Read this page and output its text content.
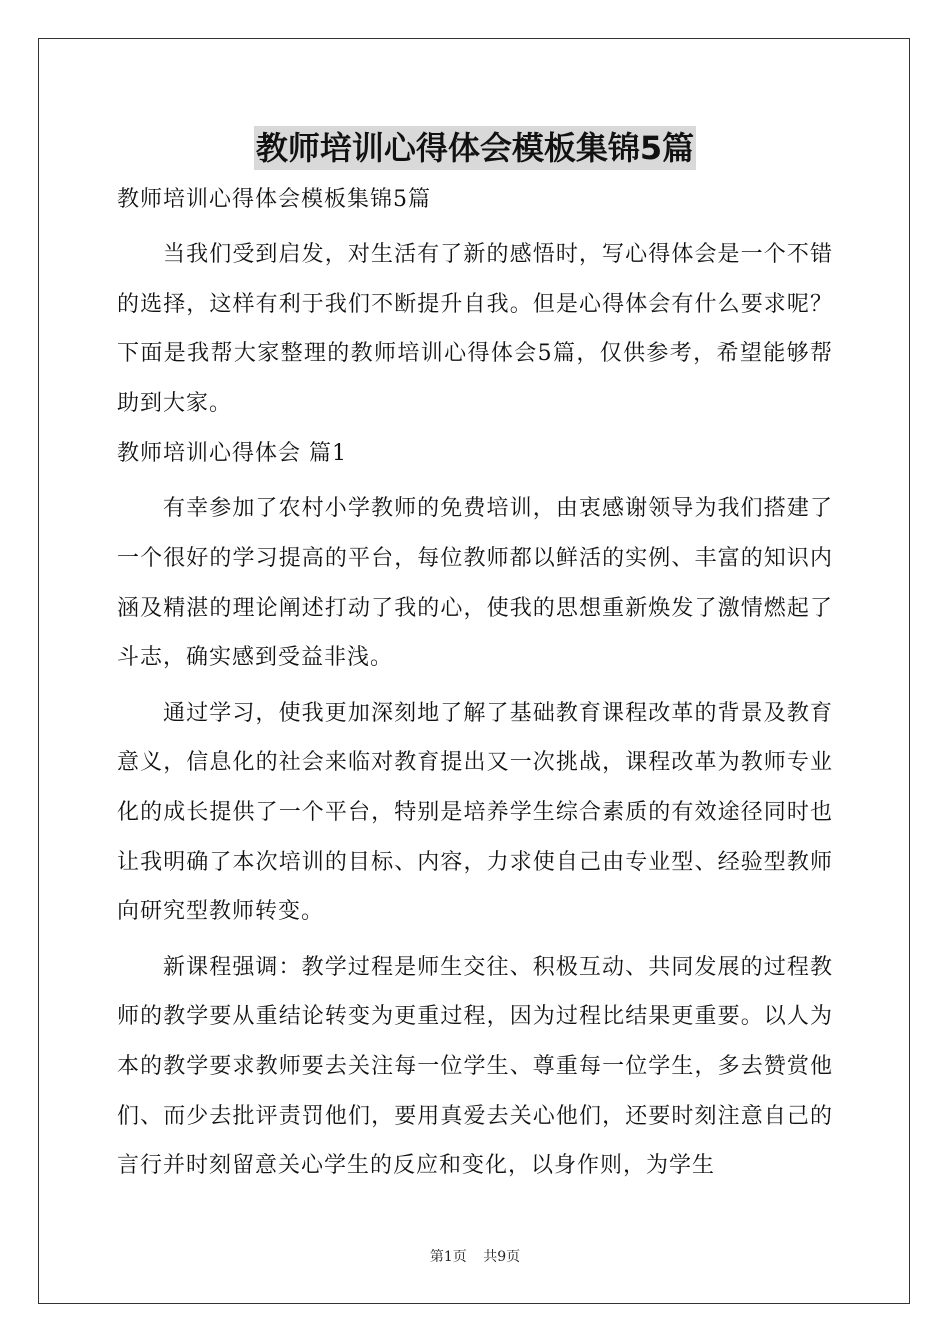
教师培训心得体会模板集锦5篇

教师培训心得体会模板集锦5篇

当我们受到启发，对生活有了新的感悟时，写心得体会是一个不错的选择，这样有利于我们不断提升自我。但是心得体会有什么要求呢？下面是我帮大家整理的教师培训心得体会5篇，仅供参考，希望能够帮助到大家。

教师培训心得体会 篇1

有幸参加了农村小学教师的免费培训，由衷感谢领导为我们搭建了一个很好的学习提高的平台，每位教师都以鲜活的实例、丰富的知识内涵及精湛的理论阐述打动了我的心，使我的思想重新焕发了激情燃起了斗志，确实感到受益非浅。

通过学习，使我更加深刻地了解了基础教育课程改革的背景及教育意义，信息化的社会来临对教育提出又一次挑战，课程改革为教师专业化的成长提供了一个平台，特别是培养学生综合素质的有效途径同时也让我明确了本次培训的目标、内容，力求使自己由专业型、经验型教师向研究型教师转变。

新课程强调：教学过程是师生交往、积极互动、共同发展的过程教师的教学要从重结论转变为更重过程，因为过程比结果更重要。以人为本的教学要求教师要去关注每一位学生、尊重每一位学生，多去赞赏他们、而少去批评责罚他们，要用真爱去关心他们，还要时刻注意自己的言行并时刻留意关心学生的反应和变化，以身作则，为学生

第1页 共9页
